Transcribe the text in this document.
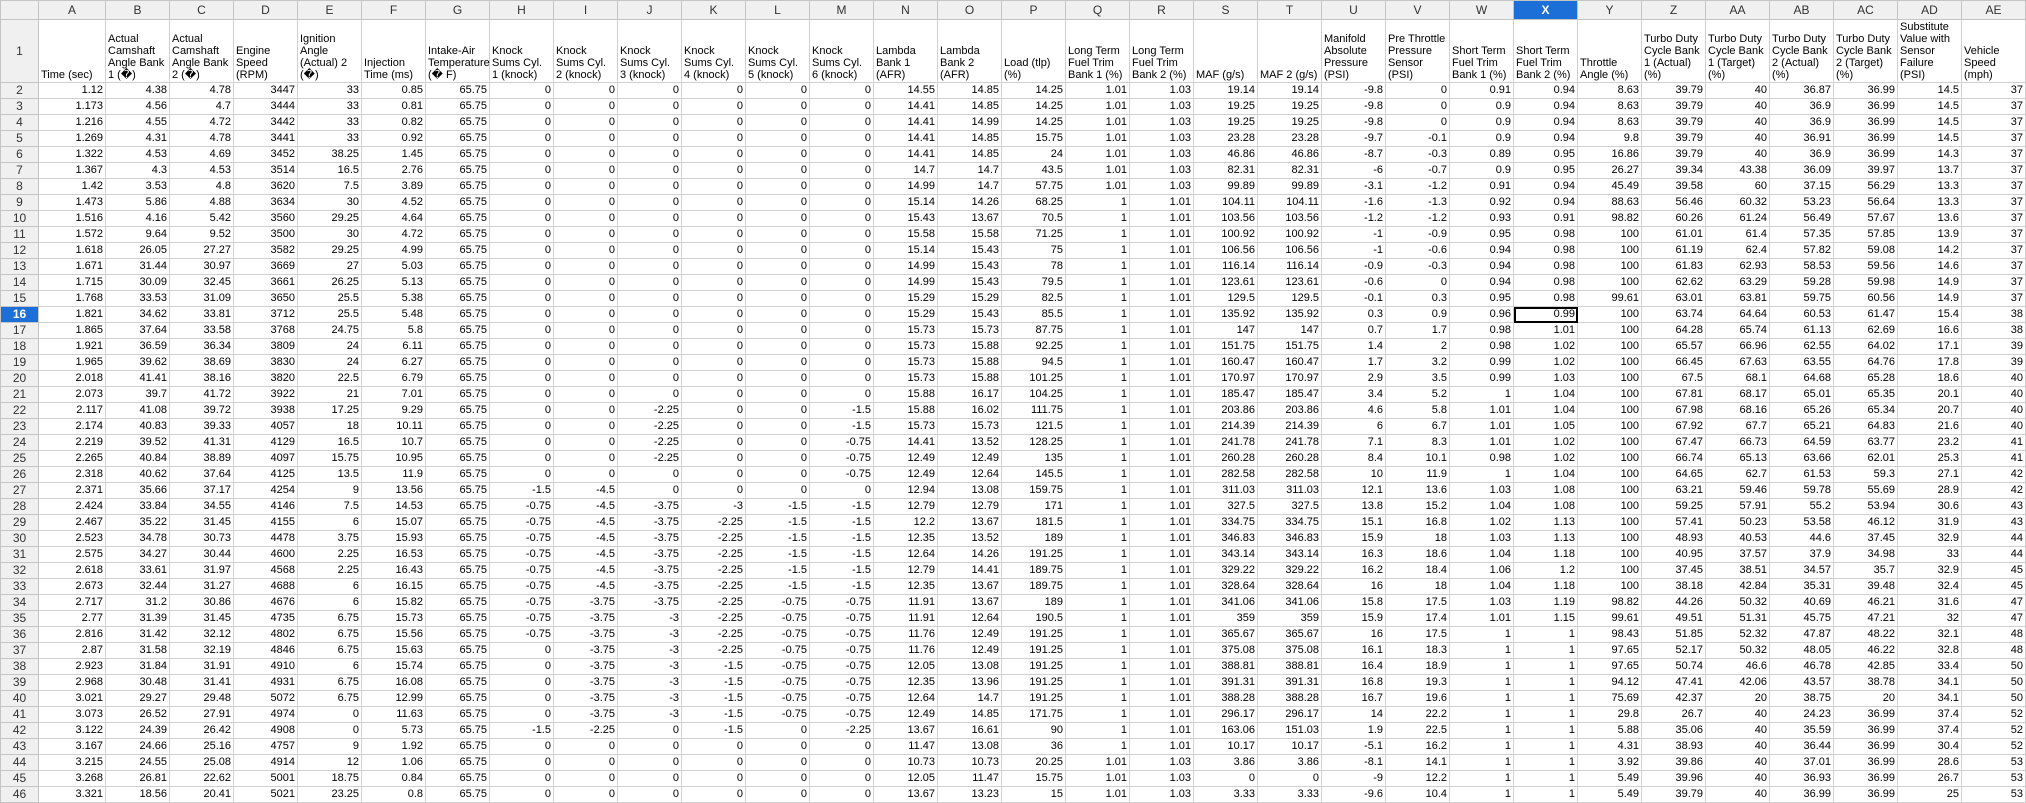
	A	B	C	D	E	F	G	H	I	J	K	L	M	N	O	P	Q	R	S	T	U	V	W	X	Y	Z	AA	AB	AC	AD	AE
1	Time (sec)	Actual Camshaft Angle Bank 1 (�)	Actual Camshaft Angle Bank 2 (�)	Engine Speed (RPM)	Ignition Angle (Actual) 2 (�)	Injection Time (ms)	Intake-Air Temperature (� F)	Knock Sums Cyl. 1 (knock)	Knock Sums Cyl. 2 (knock)	Knock Sums Cyl. 3 (knock)	Knock Sums Cyl. 4 (knock)	Knock Sums Cyl. 5 (knock)	Knock Sums Cyl. 6 (knock)	Lambda Bank 1 (AFR)	Lambda Bank 2 (AFR)	Load (tlp) (%)	Long Term Fuel Trim Bank 1 (%)	Long Term Fuel Trim Bank 2 (%)	MAF (g/s)	MAF 2 (g/s)	Manifold Absolute Pressure (PSI)	Pre Throttle Pressure Sensor (PSI)	Short Term Fuel Trim Bank 1 (%)	Short Term Fuel Trim Bank 2 (%)	Throttle Angle (%)	Turbo Duty Cycle Bank 1 (Actual) (%)	Turbo Duty Cycle Bank 1 (Target) (%)	Turbo Duty Cycle Bank 2 (Actual) (%)	Turbo Duty Cycle Bank 2 (Target) (%)	Substitute Value with Sensor Failure (PSI)	Vehicle Speed (mph)
2	1.12	4.38	4.78	3447	33	0.85	65.75	0	0	0	0	0	0	14.55	14.85	14.25	1.01	1.03	19.14	19.14	-9.8	0	0.91	0.94	8.63	39.79	40	36.87	36.99	14.5	37
3	1.173	4.56	4.7	3444	33	0.81	65.75	0	0	0	0	0	0	14.41	14.85	14.25	1.01	1.03	19.25	19.25	-9.8	0	0.9	0.94	8.63	39.79	40	36.9	36.99	14.5	37
4	1.216	4.55	4.72	3442	33	0.82	65.75	0	0	0	0	0	0	14.41	14.99	14.25	1.01	1.03	19.25	19.25	-9.8	0	0.9	0.94	8.63	39.79	40	36.9	36.99	14.5	37
5	1.269	4.31	4.78	3441	33	0.92	65.75	0	0	0	0	0	0	14.41	14.85	15.75	1.01	1.03	23.28	23.28	-9.7	-0.1	0.9	0.94	9.8	39.79	40	36.91	36.99	14.5	37
6	1.322	4.53	4.69	3452	38.25	1.45	65.75	0	0	0	0	0	0	14.41	14.85	24	1.01	1.03	46.86	46.86	-8.7	-0.3	0.89	0.95	16.86	39.79	40	36.9	36.99	14.3	37
7	1.367	4.3	4.53	3514	16.5	2.76	65.75	0	0	0	0	0	0	14.7	14.7	43.5	1.01	1.03	82.31	82.31	-6	-0.7	0.9	0.95	26.27	39.34	43.38	36.09	39.97	13.7	37
8	1.42	3.53	4.8	3620	7.5	3.89	65.75	0	0	0	0	0	0	14.99	14.7	57.75	1.01	1.03	99.89	99.89	-3.1	-1.2	0.91	0.94	45.49	39.58	60	37.15	56.29	13.3	37
9	1.473	5.86	4.88	3634	30	4.52	65.75	0	0	0	0	0	0	15.14	14.26	68.25	1	1.01	104.11	104.11	-1.6	-1.3	0.92	0.94	88.63	56.46	60.32	53.23	56.64	13.3	37
10	1.516	4.16	5.42	3560	29.25	4.64	65.75	0	0	0	0	0	0	15.43	13.67	70.5	1	1.01	103.56	103.56	-1.2	-1.2	0.93	0.91	98.82	60.26	61.24	56.49	57.67	13.6	37
11	1.572	9.64	9.52	3500	30	4.72	65.75	0	0	0	0	0	0	15.58	15.58	71.25	1	1.01	100.92	100.92	-1	-0.9	0.95	0.98	100	61.01	61.4	57.35	57.85	13.9	37
12	1.618	26.05	27.27	3582	29.25	4.99	65.75	0	0	0	0	0	0	15.14	15.43	75	1	1.01	106.56	106.56	-1	-0.6	0.94	0.98	100	61.19	62.4	57.82	59.08	14.2	37
13	1.671	31.44	30.97	3669	27	5.03	65.75	0	0	0	0	0	0	14.99	15.43	78	1	1.01	116.14	116.14	-0.9	-0.3	0.94	0.98	100	61.83	62.93	58.53	59.56	14.6	37
14	1.715	30.09	32.45	3661	26.25	5.13	65.75	0	0	0	0	0	0	14.99	15.43	79.5	1	1.01	123.61	123.61	-0.6	0	0.94	0.98	100	62.62	63.29	59.28	59.98	14.9	37
15	1.768	33.53	31.09	3650	25.5	5.38	65.75	0	0	0	0	0	0	15.29	15.29	82.5	1	1.01	129.5	129.5	-0.1	0.3	0.95	0.98	99.61	63.01	63.81	59.75	60.56	14.9	37
16	1.821	34.62	33.81	3712	25.5	5.48	65.75	0	0	0	0	0	0	15.29	15.43	85.5	1	1.01	135.92	135.92	0.3	0.9	0.96	0.99	100	63.74	64.64	60.53	61.47	15.4	38
17	1.865	37.64	33.58	3768	24.75	5.8	65.75	0	0	0	0	0	0	15.73	15.73	87.75	1	1.01	147	147	0.7	1.7	0.98	1.01	100	64.28	65.74	61.13	62.69	16.6	38
18	1.921	36.59	36.34	3809	24	6.11	65.75	0	0	0	0	0	0	15.73	15.88	92.25	1	1.01	151.75	151.75	1.4	2	0.98	1.02	100	65.57	66.96	62.55	64.02	17.1	39
19	1.965	39.62	38.69	3830	24	6.27	65.75	0	0	0	0	0	0	15.73	15.88	94.5	1	1.01	160.47	160.47	1.7	3.2	0.99	1.02	100	66.45	67.63	63.55	64.76	17.8	39
20	2.018	41.41	38.16	3820	22.5	6.79	65.75	0	0	0	0	0	0	15.73	15.88	101.25	1	1.01	170.97	170.97	2.9	3.5	0.99	1.03	100	67.5	68.1	64.68	65.28	18.6	40
21	2.073	39.7	41.72	3922	21	7.01	65.75	0	0	0	0	0	0	15.88	16.17	104.25	1	1.01	185.47	185.47	3.4	5.2	1	1.04	100	67.81	68.17	65.01	65.35	20.1	40
22	2.117	41.08	39.72	3938	17.25	9.29	65.75	0	0	-2.25	0	0	-1.5	15.88	16.02	111.75	1	1.01	203.86	203.86	4.6	5.8	1.01	1.04	100	67.98	68.16	65.26	65.34	20.7	40
23	2.174	40.83	39.33	4057	18	10.11	65.75	0	0	-2.25	0	0	-1.5	15.73	15.73	121.5	1	1.01	214.39	214.39	6	6.7	1.01	1.05	100	67.92	67.7	65.21	64.83	21.6	40
24	2.219	39.52	41.31	4129	16.5	10.7	65.75	0	0	-2.25	0	0	-0.75	14.41	13.52	128.25	1	1.01	241.78	241.78	7.1	8.3	1.01	1.02	100	67.47	66.73	64.59	63.77	23.2	41
25	2.265	40.84	38.89	4097	15.75	10.95	65.75	0	0	-2.25	0	0	-0.75	12.49	12.49	135	1	1.01	260.28	260.28	8.4	10.1	0.98	1.02	100	66.74	65.13	63.66	62.01	25.3	41
26	2.318	40.62	37.64	4125	13.5	11.9	65.75	0	0	0	0	0	-0.75	12.49	12.64	145.5	1	1.01	282.58	282.58	10	11.9	1	1.04	100	64.65	62.7	61.53	59.3	27.1	42
27	2.371	35.66	37.17	4254	9	13.56	65.75	-1.5	-4.5	0	0	0	0	12.94	13.08	159.75	1	1.01	311.03	311.03	12.1	13.6	1.03	1.08	100	63.21	59.46	59.78	55.69	28.9	42
28	2.424	33.84	34.55	4146	7.5	14.53	65.75	-0.75	-4.5	-3.75	-3	-1.5	-1.5	12.79	12.79	171	1	1.01	327.5	327.5	13.8	15.2	1.04	1.08	100	59.25	57.91	55.2	53.94	30.6	43
29	2.467	35.22	31.45	4155	6	15.07	65.75	-0.75	-4.5	-3.75	-2.25	-1.5	-1.5	12.2	13.67	181.5	1	1.01	334.75	334.75	15.1	16.8	1.02	1.13	100	57.41	50.23	53.58	46.12	31.9	43
30	2.523	34.78	30.73	4478	3.75	15.93	65.75	-0.75	-4.5	-3.75	-2.25	-1.5	-1.5	12.35	13.52	189	1	1.01	346.83	346.83	15.9	18	1.03	1.13	100	48.93	40.53	44.6	37.45	32.9	44
31	2.575	34.27	30.44	4600	2.25	16.53	65.75	-0.75	-4.5	-3.75	-2.25	-1.5	-1.5	12.64	14.26	191.25	1	1.01	343.14	343.14	16.3	18.6	1.04	1.18	100	40.95	37.57	37.9	34.98	33	44
32	2.618	33.61	31.97	4568	2.25	16.43	65.75	-0.75	-4.5	-3.75	-2.25	-1.5	-1.5	12.79	14.41	189.75	1	1.01	329.22	329.22	16.2	18.4	1.06	1.2	100	37.45	38.51	34.57	35.7	32.9	45
33	2.673	32.44	31.27	4688	6	16.15	65.75	-0.75	-4.5	-3.75	-2.25	-1.5	-1.5	12.35	13.67	189.75	1	1.01	328.64	328.64	16	18	1.04	1.18	100	38.18	42.84	35.31	39.48	32.4	45
34	2.717	31.2	30.86	4676	6	15.82	65.75	-0.75	-3.75	-3.75	-2.25	-0.75	-0.75	11.91	13.67	189	1	1.01	341.06	341.06	15.8	17.5	1.03	1.19	98.82	44.26	50.32	40.69	46.21	31.6	47
35	2.77	31.39	31.45	4735	6.75	15.73	65.75	-0.75	-3.75	-3	-2.25	-0.75	-0.75	11.91	12.64	190.5	1	1.01	359	359	15.9	17.4	1.01	1.15	99.61	49.51	51.31	45.75	47.21	32	47
36	2.816	31.42	32.12	4802	6.75	15.56	65.75	-0.75	-3.75	-3	-2.25	-0.75	-0.75	11.76	12.49	191.25	1	1.01	365.67	365.67	16	17.5	1	1	98.43	51.85	52.32	47.87	48.22	32.1	48
37	2.87	31.58	32.19	4846	6.75	15.63	65.75	0	-3.75	-3	-2.25	-0.75	-0.75	11.76	12.49	191.25	1	1.01	375.08	375.08	16.1	18.3	1	1	97.65	52.17	50.32	48.05	46.22	32.8	48
38	2.923	31.84	31.91	4910	6	15.74	65.75	0	-3.75	-3	-1.5	-0.75	-0.75	12.05	13.08	191.25	1	1.01	388.81	388.81	16.4	18.9	1	1	97.65	50.74	46.6	46.78	42.85	33.4	50
39	2.968	30.48	31.41	4931	6.75	16.08	65.75	0	-3.75	-3	-1.5	-0.75	-0.75	12.35	13.96	191.25	1	1.01	391.31	391.31	16.8	19.3	1	1	94.12	47.41	42.06	43.57	38.78	34.1	50
40	3.021	29.27	29.48	5072	6.75	12.99	65.75	0	-3.75	-3	-1.5	-0.75	-0.75	12.64	14.7	191.25	1	1.01	388.28	388.28	16.7	19.6	1	1	75.69	42.37	20	38.75	20	34.1	50
41	3.073	26.52	27.91	4974	0	11.63	65.75	0	-3.75	-3	-1.5	-0.75	-0.75	12.49	14.85	171.75	1	1.01	296.17	296.17	14	22.2	1	1	29.8	26.7	40	24.23	36.99	37.4	52
42	3.122	24.39	26.42	4908	0	5.73	65.75	-1.5	-2.25	0	-1.5	0	-2.25	13.67	16.61	90	1	1.01	163.06	151.03	1.9	22.5	1	1	5.88	35.06	40	35.59	36.99	37.4	52
43	3.167	24.66	25.16	4757	9	1.92	65.75	0	0	0	0	0	0	11.47	13.08	36	1	1.01	10.17	10.17	-5.1	16.2	1	1	4.31	38.93	40	36.44	36.99	30.4	52
44	3.215	24.55	25.08	4914	12	1.06	65.75	0	0	0	0	0	0	10.73	10.73	20.25	1.01	1.03	3.86	3.86	-8.1	14.1	1	1	3.92	39.86	40	37.01	36.99	28.6	53
45	3.268	26.81	22.62	5001	18.75	0.84	65.75	0	0	0	0	0	0	12.05	11.47	15.75	1.01	1.03	0	0	-9	12.2	1	1	5.49	39.96	40	36.93	36.99	26.7	53
46	3.321	18.56	20.41	5021	23.25	0.8	65.75	0	0	0	0	0	0	13.67	13.23	15	1.01	1.03	3.33	3.33	-9.6	10.4	1	1	5.49	39.79	40	36.99	36.99	25	53
